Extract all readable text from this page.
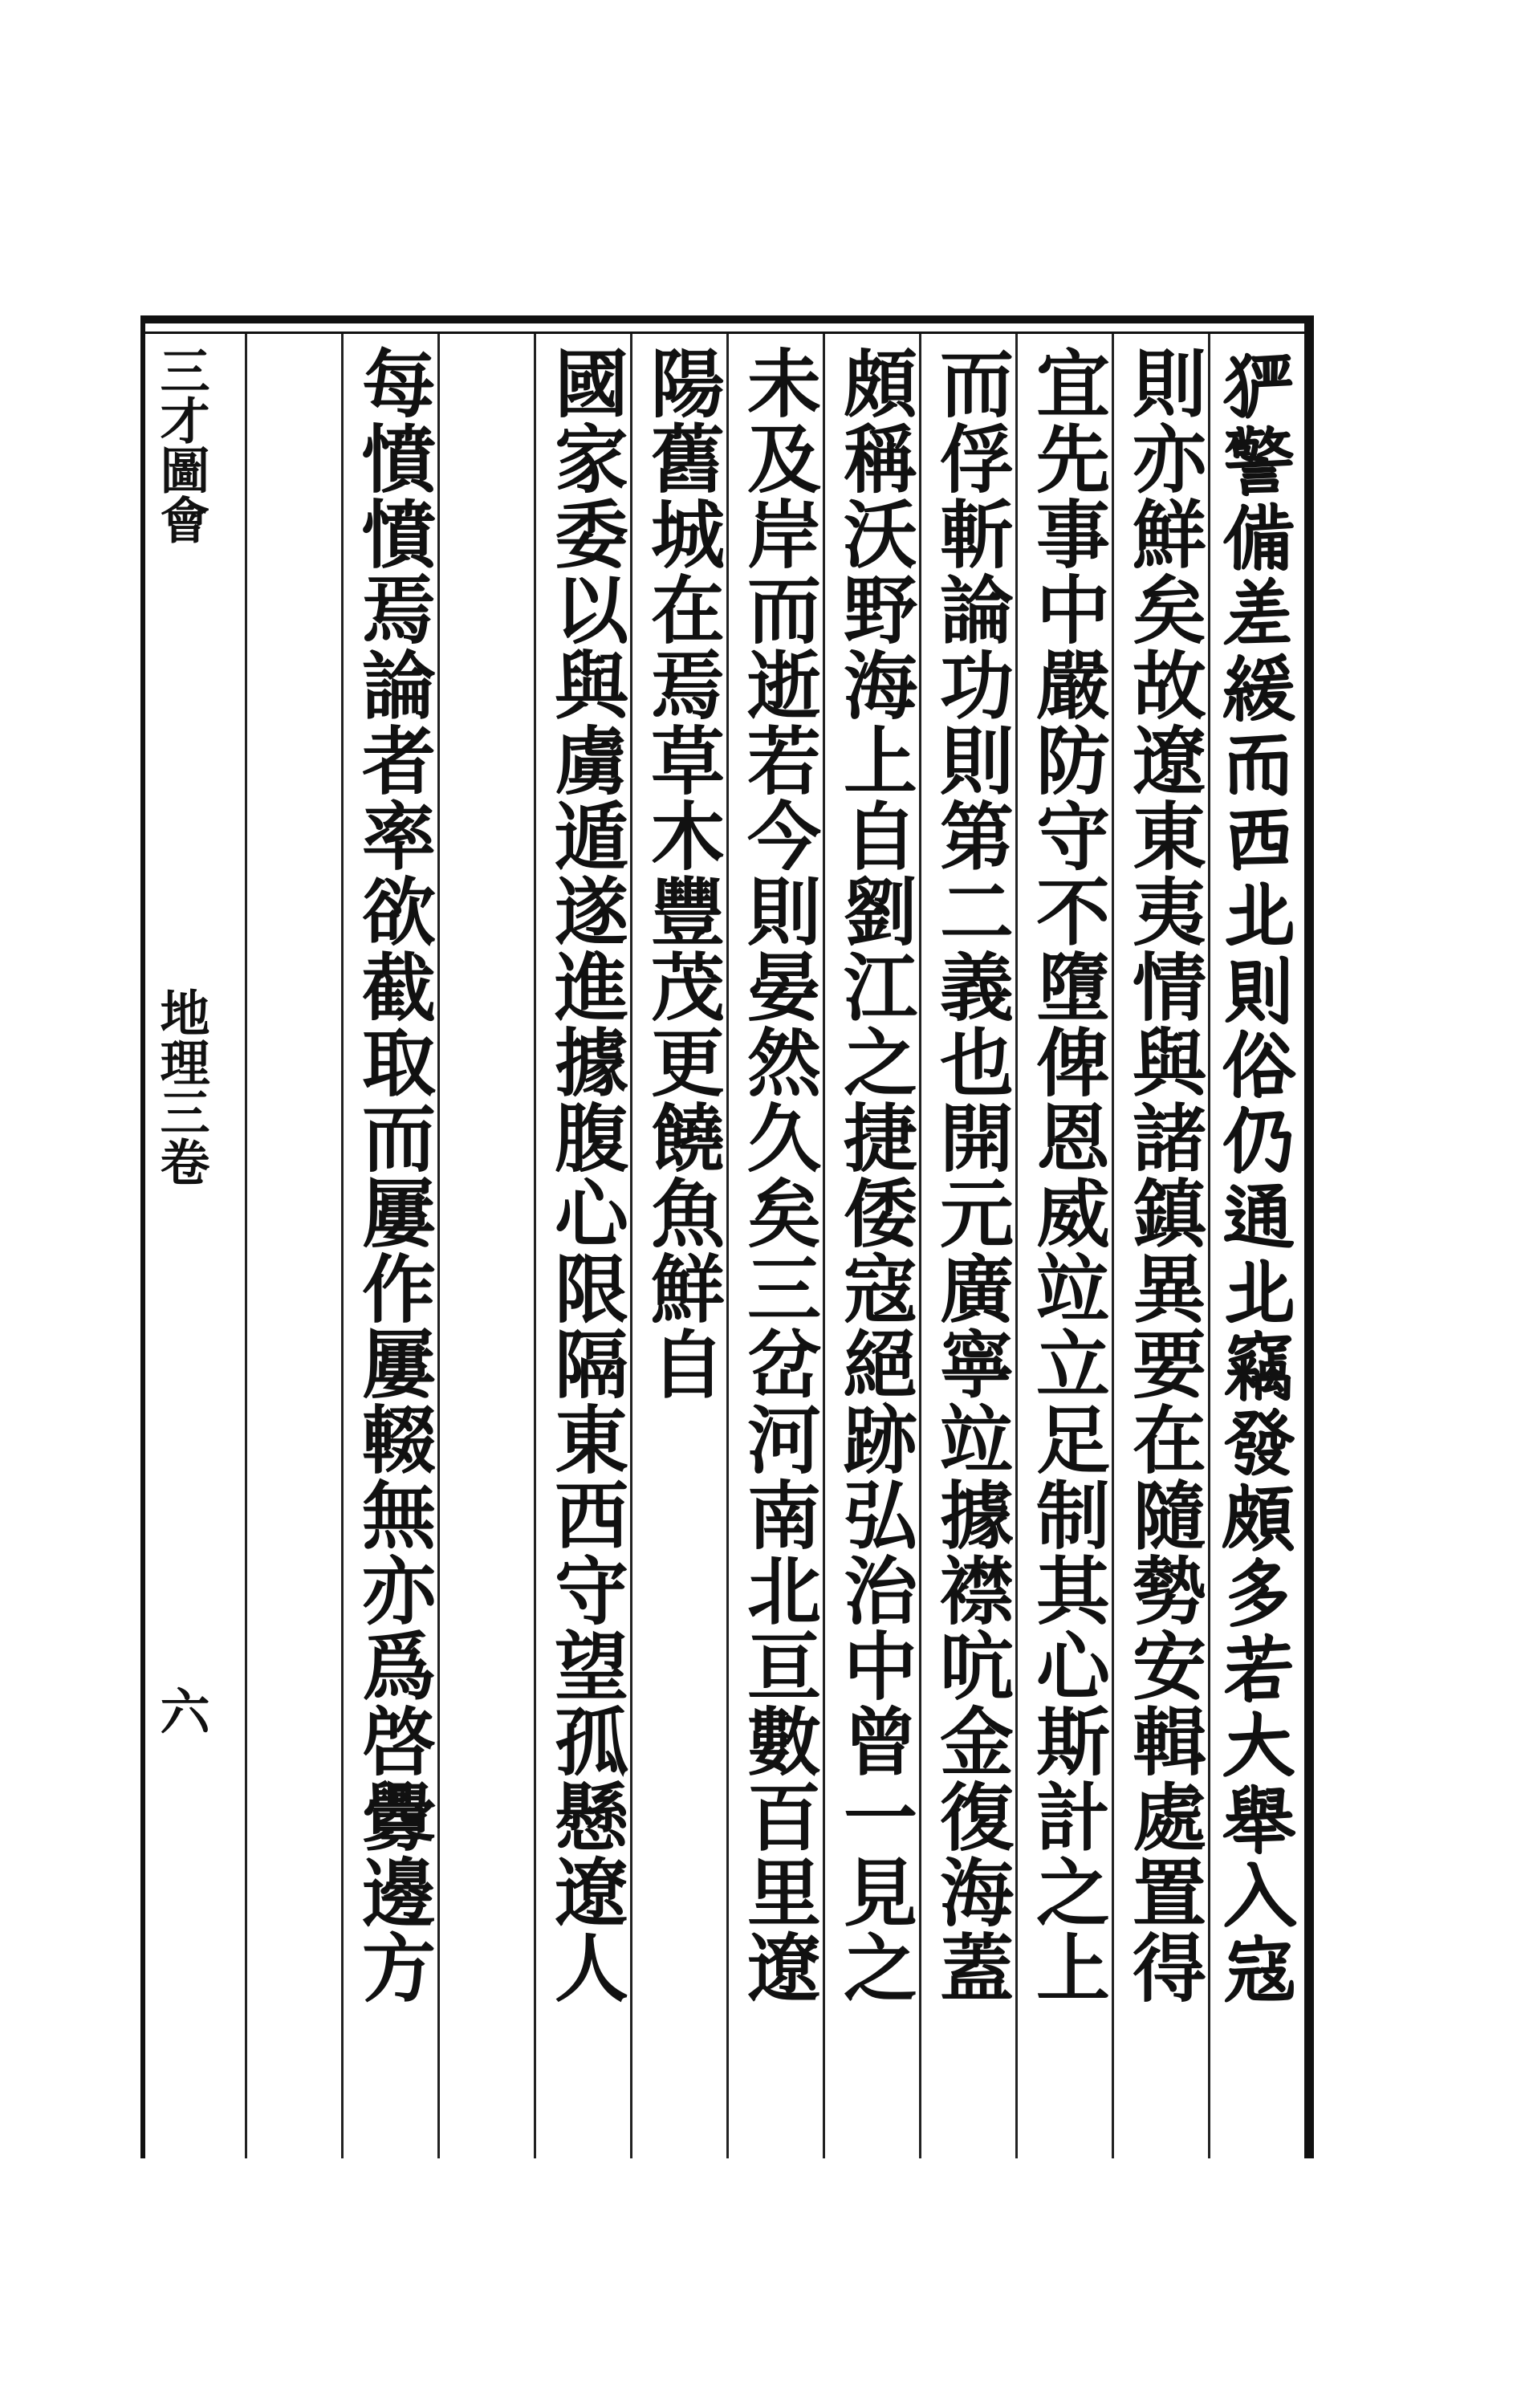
𤞤警備差緩而西北則俗仍通北竊發頗多若大舉入寇
則亦鮮矣故遼東夷情與諸鎮異要在隨勢安輯處置得
宜先事中嚴防守不墮俾恩威竝立足制其心斯計之上
而俘斬論功則第二義也開元廣寧竝據襟吭金復海蓋
頗稱沃野海上自劉江之捷倭寇絕跡弘治中曾一見之
未及岸而逝若今則晏然久矣三岔河南北亘數百里遼
陽舊城在焉草木豐茂更饒魚鮮自
國家委以與虜遁遂進據腹心限隔東西守望孤懸遼人
每憤憤焉論者率欲截取而屢作屢輟無亦爲啓釁邊方
三才圖會
地理三卷
六
